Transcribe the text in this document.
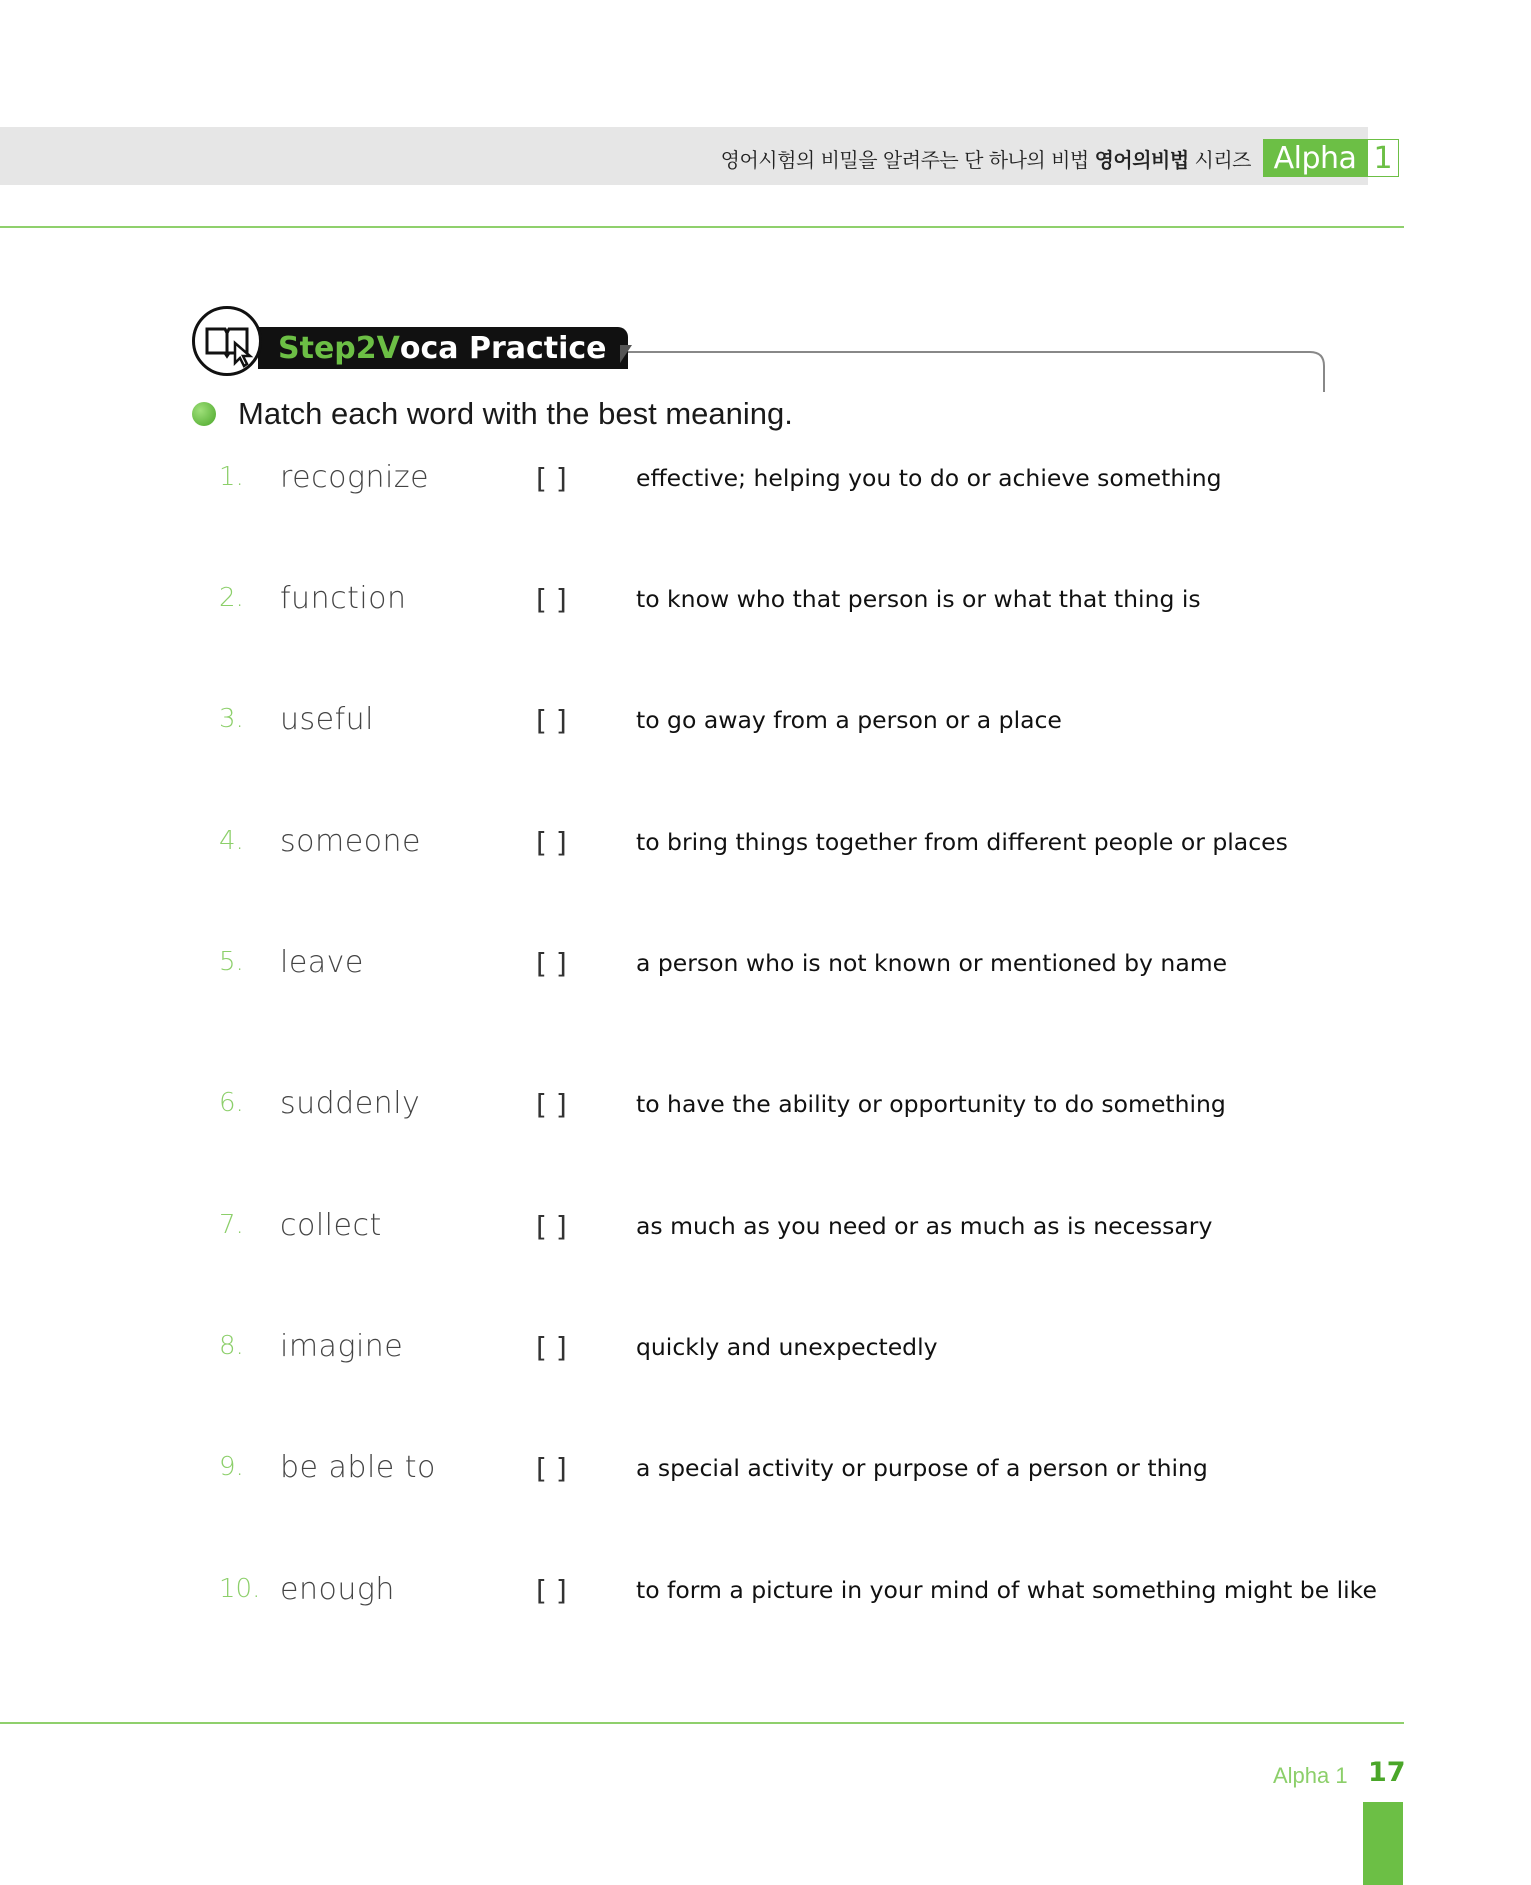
영어시험의 비밀을 알려주는 단 하나의 비법 영어의비법 시리즈 Alpha 1
Step2 V oca Practice
Match each word with the best meaning.
1. recognize	[ ]	effective; helping you to do or achieve something
2. function	[ ]	to know who that person is or what that thing is
3. useful	[ ]	to go away from a person or a place
4. someone	[ ]	to bring things together from different people or places
5. leave	[ ]	a person who is not known or mentioned by name
6. suddenly	[ ]	to have the ability or opportunity to do something
7. collect	[ ]	as much as you need or as much as is necessary
8. imagine	[ ]	quickly and unexpectedly
9. be able to	[ ]	a special activity or purpose of a person or thing
10. enough	[ ]	to form a picture in your mind of what something might be like
Alpha 1 17
